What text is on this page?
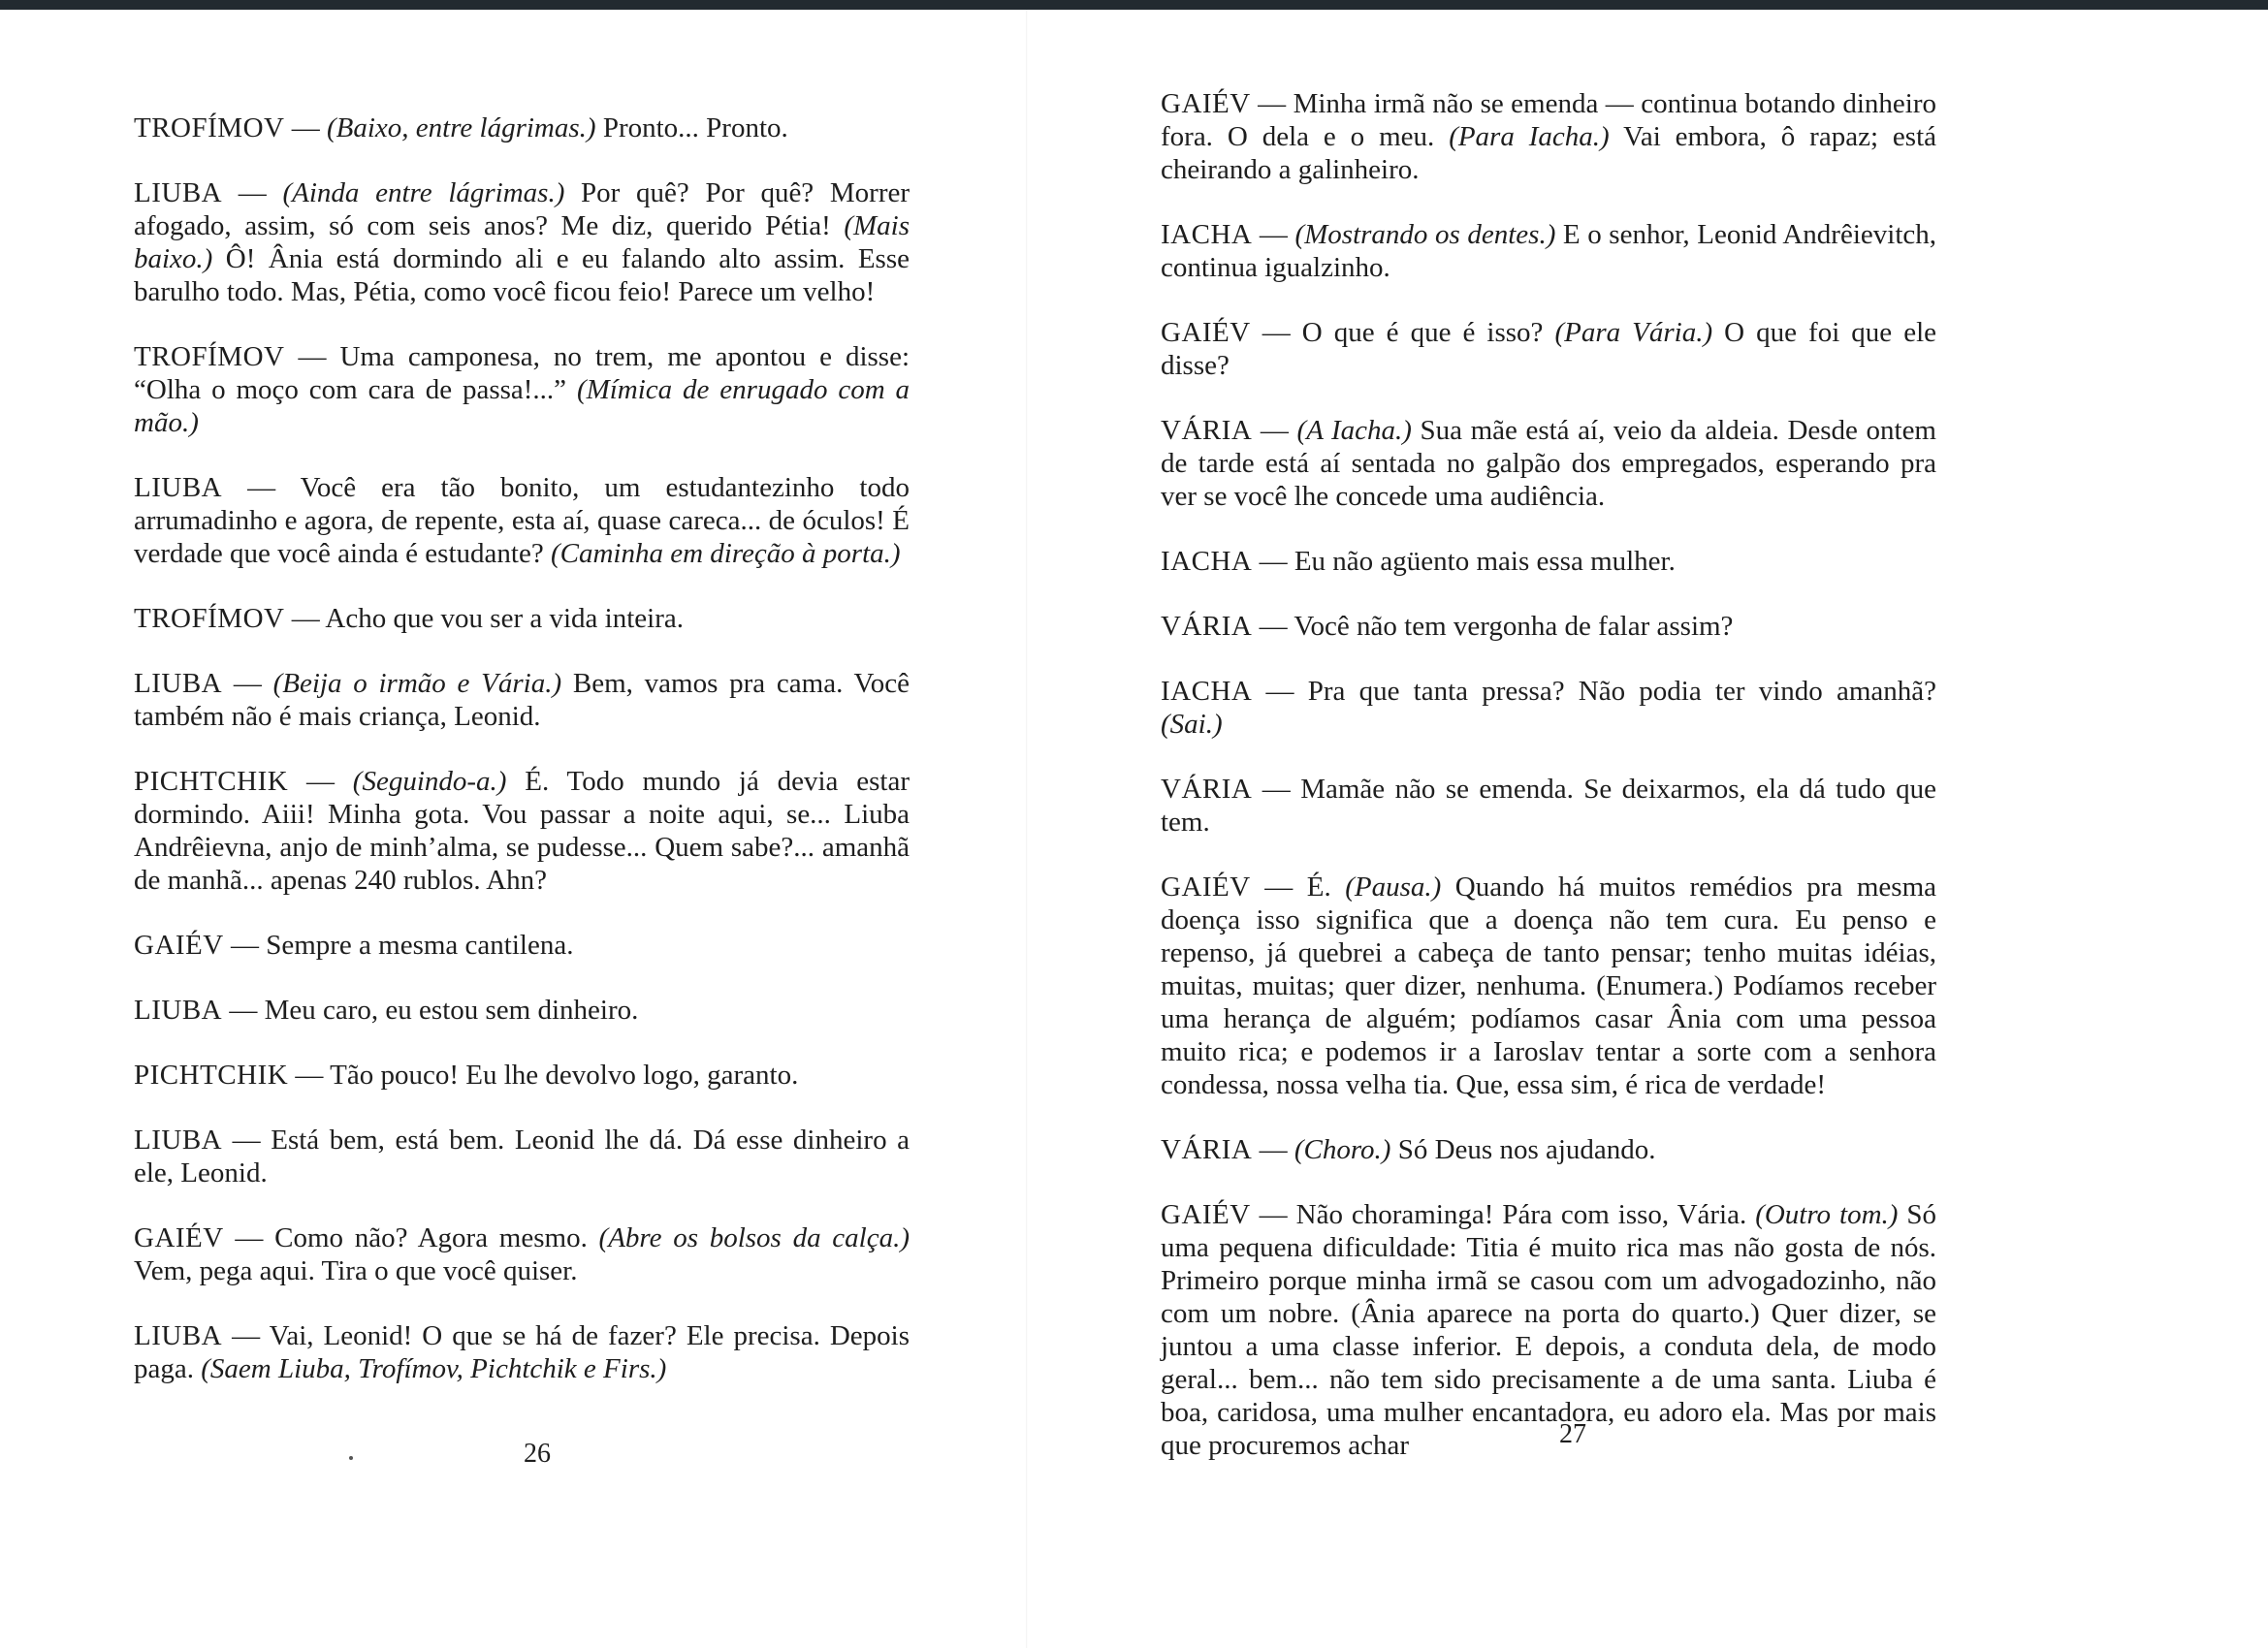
TROFÍMOV — (Baixo, entre lágrimas.) Pronto... Pronto.

LIUBA — (Ainda entre lágrimas.) Por quê? Por quê? Morrer afogado, assim, só com seis anos? Me diz, querido Pétia! (Mais baixo.) Ô! Ânia está dormindo ali e eu falando alto assim. Esse barulho todo. Mas, Pétia, como você ficou feio! Parece um velho!

TROFÍMOV — Uma camponesa, no trem, me apontou e disse: “Olha o moço com cara de passa!...” (Mímica de enrugado com a mão.)

LIUBA — Você era tão bonito, um estudantezinho todo arrumadinho e agora, de repente, esta aí, quase careca... de óculos! É verdade que você ainda é estudante? (Caminha em direção à porta.)

TROFÍMOV — Acho que vou ser a vida inteira.

LIUBA — (Beija o irmão e Vária.) Bem, vamos pra cama. Você também não é mais criança, Leonid.

PICHTCHIK — (Seguindo-a.) É. Todo mundo já devia estar dormindo. Aiii! Minha gota. Vou passar a noite aqui, se... Liuba Andrêievna, anjo de minh’alma, se pudesse... Quem sabe?... amanhã de manhã... apenas 240 rublos. Ahn?

GAIÉV — Sempre a mesma cantilena.

LIUBA — Meu caro, eu estou sem dinheiro.

PICHTCHIK — Tão pouco! Eu lhe devolvo logo, garanto.

LIUBA — Está bem, está bem. Leonid lhe dá. Dá esse dinheiro a ele, Leonid.

GAIÉV — Como não? Agora mesmo. (Abre os bolsos da calça.) Vem, pega aqui. Tira o que você quiser.

LIUBA — Vai, Leonid! O que se há de fazer? Ele precisa. Depois paga. (Saem Liuba, Trofímov, Pichtchik e Firs.)

26

GAIÉV — Minha irmã não se emenda — continua botando dinheiro fora. O dela e o meu. (Para Iacha.) Vai embora, ô rapaz; está cheirando a galinheiro.

IACHA — (Mostrando os dentes.) E o senhor, Leonid Andrêievitch, continua igualzinho.

GAIÉV — O que é que é isso? (Para Vária.) O que foi que ele disse?

VÁRIA — (A Iacha.) Sua mãe está aí, veio da aldeia. Desde ontem de tarde está aí sentada no galpão dos empregados, esperando pra ver se você lhe concede uma audiência.

IACHA — Eu não agüento mais essa mulher.

VÁRIA — Você não tem vergonha de falar assim?

IACHA — Pra que tanta pressa? Não podia ter vindo amanhã? (Sai.)

VÁRIA — Mamãe não se emenda. Se deixarmos, ela dá tudo que tem.

GAIÉV — É. (Pausa.) Quando há muitos remédios pra mesma doença isso significa que a doença não tem cura. Eu penso e repenso, já quebrei a cabeça de tanto pensar; tenho muitas idéias, muitas, muitas; quer dizer, nenhuma. (Enumera.) Podíamos receber uma herança de alguém; podíamos casar Ânia com uma pessoa muito rica; e podemos ir a Iaroslav tentar a sorte com a senhora condessa, nossa velha tia. Que, essa sim, é rica de verdade!

VÁRIA — (Choro.) Só Deus nos ajudando.

GAIÉV — Não choraminga! Pára com isso, Vária. (Outro tom.) Só uma pequena dificuldade: Titia é muito rica mas não gosta de nós. Primeiro porque minha irmã se casou com um advogadozinho, não com um nobre. (Ânia aparece na porta do quarto.) Quer dizer, se juntou a uma classe inferior. E depois, a conduta dela, de modo geral... bem... não tem sido precisamente a de uma santa. Liuba é boa, caridosa, uma mulher encantadora, eu adoro ela. Mas por mais que procuremos achar	27
